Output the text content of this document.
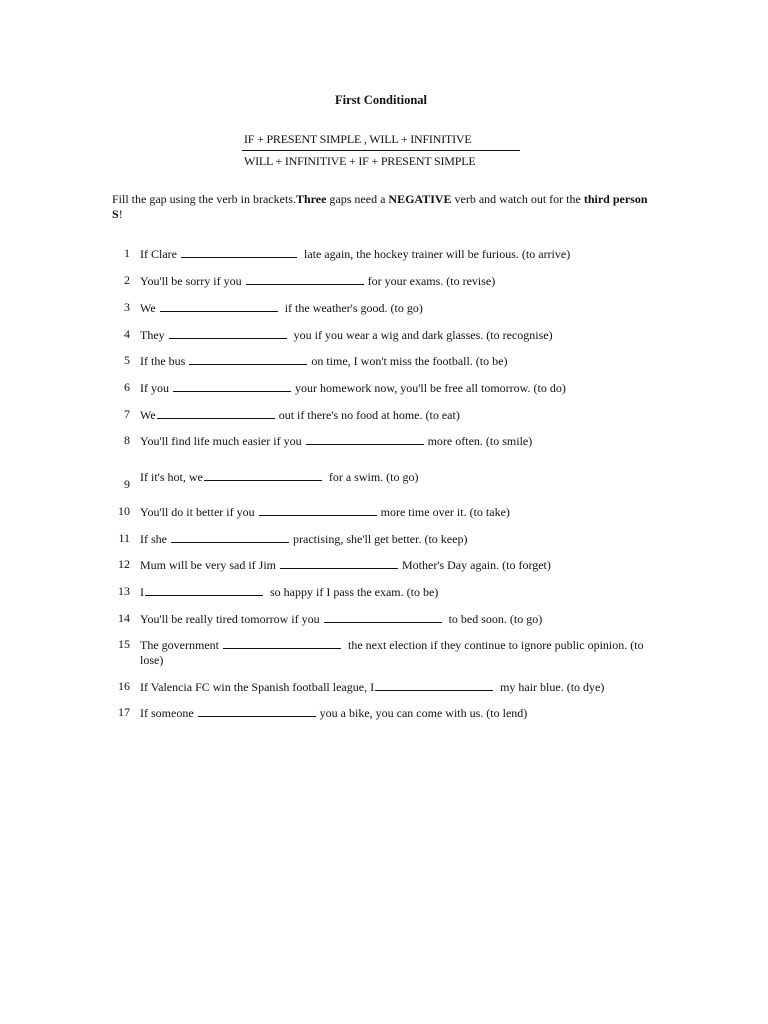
First Conditional
IF + PRESENT SIMPLE , WILL + INFINITIVE
WILL + INFINITIVE + IF + PRESENT SIMPLE
Fill the gap using the verb in brackets.Three gaps need a NEGATIVE verb and watch out for the third person S!
1 If Clare	late again, the hockey trainer will be furious. (to arrive)
2 You'll be sorry if you	for your exams. (to revise)
3 We	if the weather's good. (to go)
4 They	you if you wear a wig and dark glasses. (to recognise)
5 If the bus	on time, I won't miss the football. (to be)
6 If you	your homework now, you'll be free all tomorrow. (to do)
7 We	out if there's no food at home. (to eat)
8 You'll find life much easier if you	more often. (to smile)
9 If it's hot, we	for a swim. (to go)
10 You'll do it better if you	more time over it. (to take)
11 If she	practising, she'll get better. (to keep)
12 Mum will be very sad if Jim	Mother's Day again. (to forget)
13 I	so happy if I pass the exam. (to be)
14 You'll be really tired tomorrow if you	to bed soon. (to go)
15 The government	the next election if they continue to ignore public opinion. (to lose)
16 If Valencia FC win the Spanish football league, I	my hair blue. (to dye)
17 If someone	you a bike, you can come with us. (to lend)
